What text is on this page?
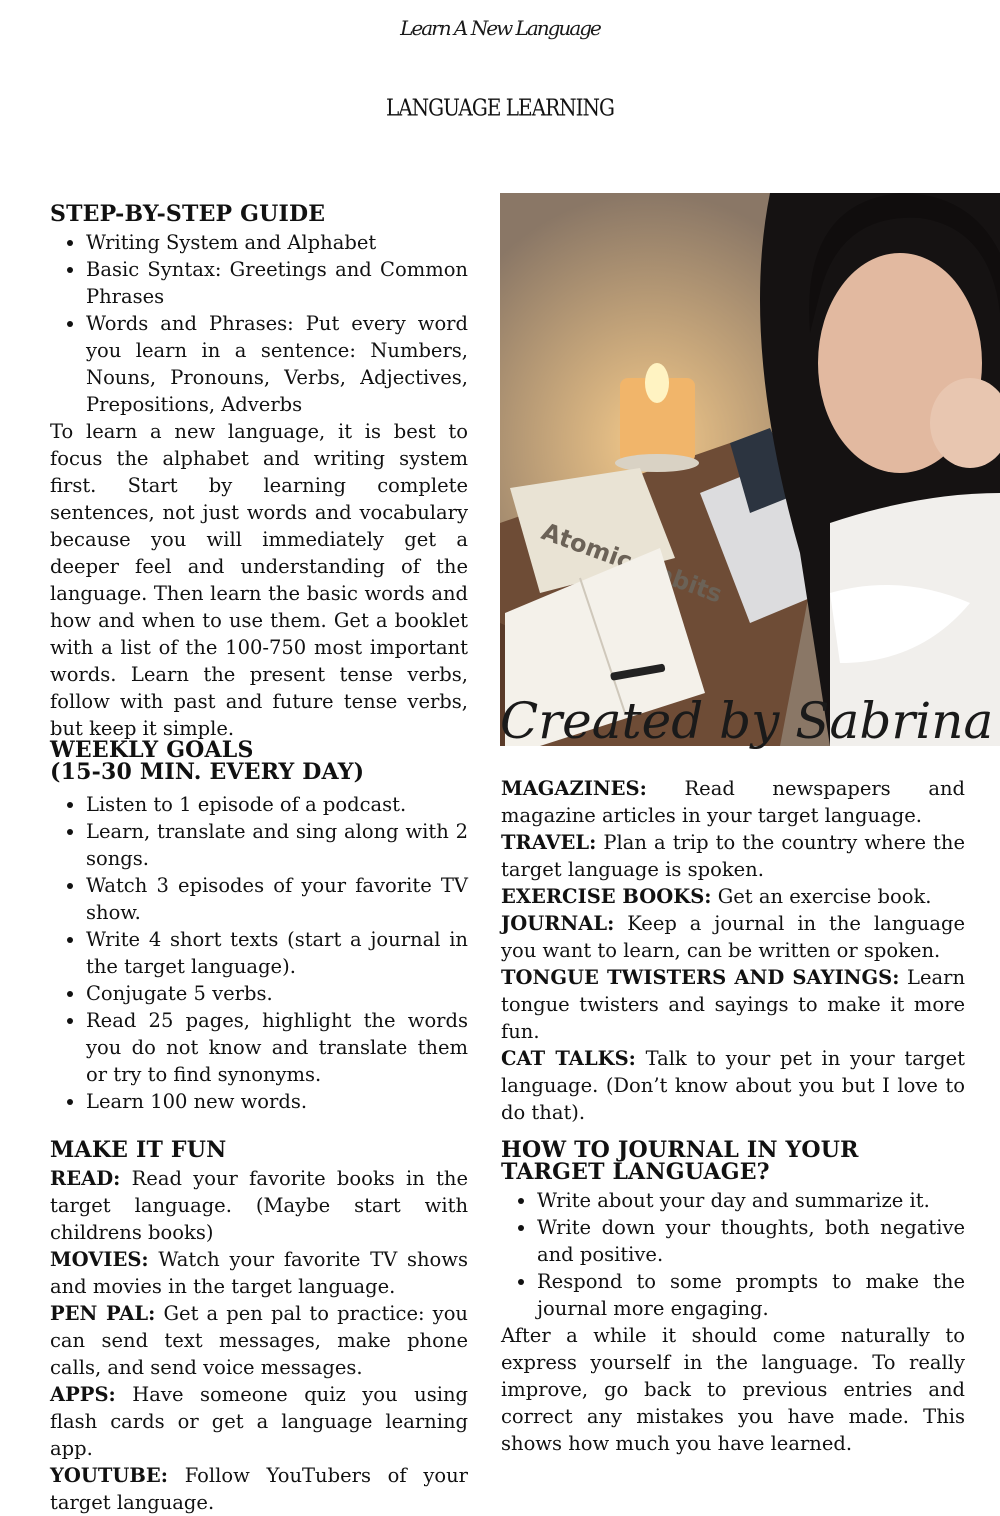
Learn A New Language
LANGUAGE LEARNING
STEP-BY-STEP GUIDE
• Writing System and Alphabet
• Basic Syntax: Greetings and Common Phrases
• Words and Phrases: Put every word you learn in a sentence: Numbers, Nouns, Pronouns, Verbs, Adjectives, Prepositions, Adverbs

To learn a new language, it is best to focus the alphabet and writing system first. Start by learning complete sentences, not just words and vocabulary because you will immediately get a deeper feel and understanding of the language. Then learn the basic words and how and when to use them. Get a booklet with a list of the 100-750 most important words. Learn the present tense verbs, follow with past and future tense verbs, but keep it simple.

WEEKLY GOALS
(15-30 MIN. EVERY DAY)
• Listen to 1 episode of a podcast.
• Learn, translate and sing along with 2 songs.
• Watch 3 episodes of your favorite TV show.
• Write 4 short texts (start a journal in the target language).
• Conjugate 5 verbs.
• Read 25 pages, highlight the words you do not know and translate them or try to find synonyms.
• Learn 100 new words.
MAKE IT FUN

READ: Read your favorite books in the target language. (Maybe start with childrens books)

MOVIES: Watch your favorite TV shows and movies in the target language.

PEN PAL: Get a pen pal to practice: you can send text messages, make phone calls, and send voice messages.

APPS: Have someone quiz you using flash cards or get a language learning app.

YOUTUBE: Follow YouTubers of your target language.

Atomic Habits
Created by Sabrina

MAGAZINES: Read newspapers and magazine articles in your target language.

TRAVEL: Plan a trip to the country where the target language is spoken.

EXERCISE BOOKS: Get an exercise book.

JOURNAL: Keep a journal in the language you want to learn, can be written or spoken.

TONGUE TWISTERS AND SAYINGS: Learn tongue twisters and sayings to make it more fun.

CAT TALKS: Talk to your pet in your target language. (Don’t know about you but I love to do that).

HOW TO JOURNAL IN YOUR TARGET LANGUAGE?
• Write about your day and summarize it.
• Write down your thoughts, both negative and positive.
• Respond to some prompts to make the journal more engaging.

After a while it should come naturally to express yourself in the language. To really improve, go back to previous entries and correct any mistakes you have made. This shows how much you have learned.
